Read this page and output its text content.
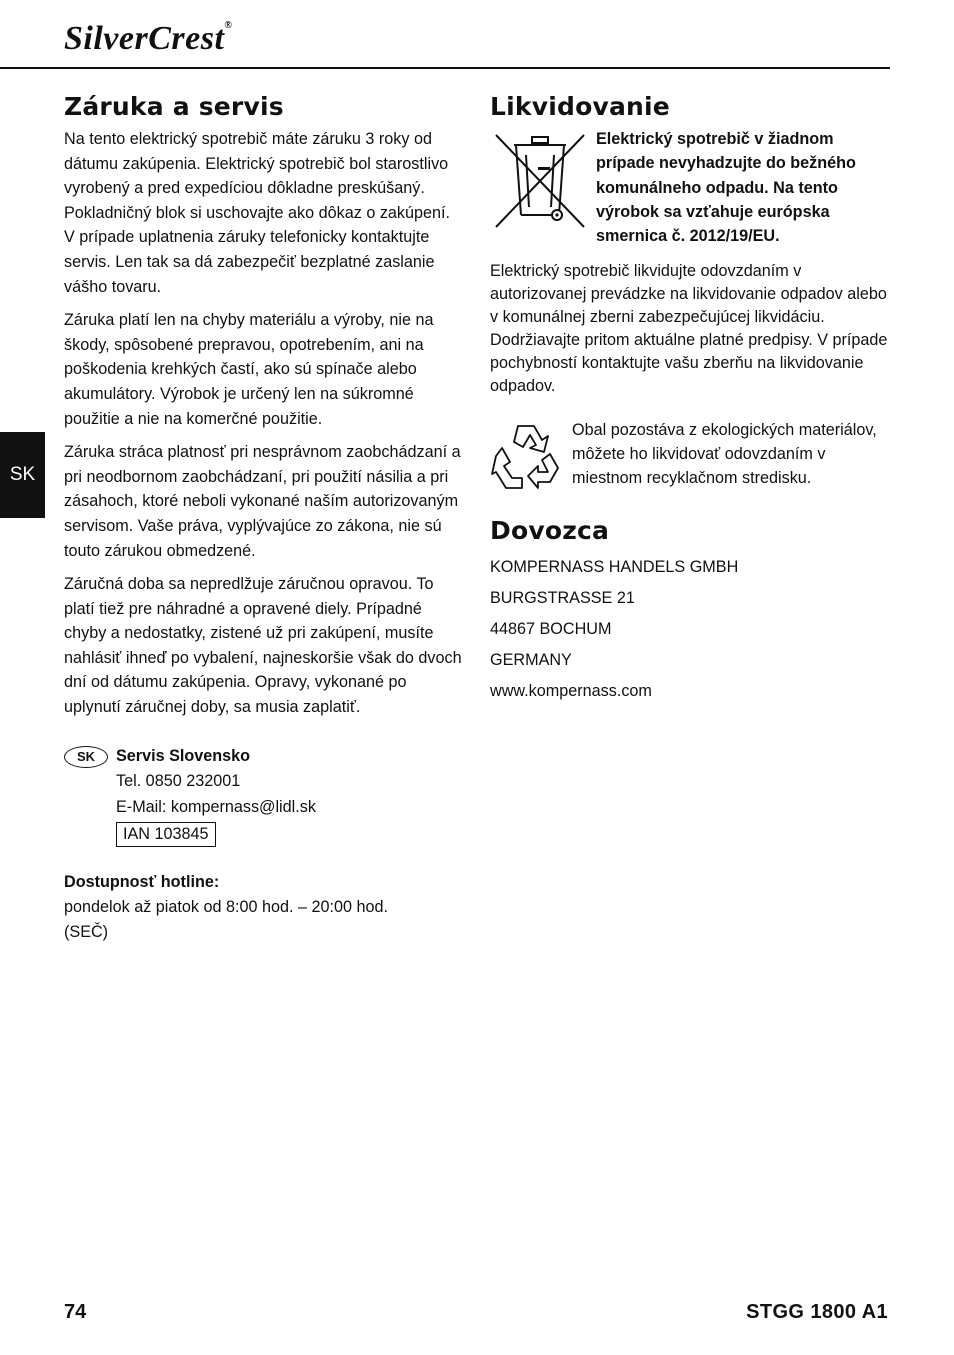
SilverCrest®
SK
Záruka a servis

Na tento elektrický spotrebič máte záruku 3 roky od dátumu zakúpenia. Elektrický spotrebič bol starostlivo vyrobený a pred expedíciou dôkladne preskúšaný. Pokladničný blok si uschovajte ako dôkaz o zakúpení. V prípade uplatnenia záruky telefonicky kontaktujte servis. Len tak sa dá zabezpečiť bezplatné zaslanie vášho tovaru.

Záruka platí len na chyby materiálu a výroby, nie na škody, spôsobené prepravou, opotrebením, ani na poškodenia krehkých častí, ako sú spínače alebo akumulátory. Výrobok je určený len na súkromné použitie a nie na komerčné použitie.

Záruka stráca platnosť pri nesprávnom zaobchádzaní a pri neodbornom zaobchádzaní, pri použití násilia a pri zásahoch, ktoré neboli vykonané naším autorizovaným servisom. Vaše práva, vyplývajúce zo zákona, nie sú touto zárukou obmedzené.

Záručná doba sa nepredlžuje záručnou opravou. To platí tiež pre náhradné a opravené diely. Prípadné chyby a nedostatky, zistené už pri zakúpení, musíte nahlásiť ihneď po vybalení, najneskoršie však do dvoch dní od dátumu zakúpenia. Opravy, vykonané po uplynutí záručnej doby, sa musia zaplatiť.

SK	Servis Slovensko
Tel. 0850 232001
E-Mail: kompernass@lidl.sk
IAN 103845
Dostupnosť hotline:
pondelok až piatok od 8:00 hod. – 20:00 hod.
(SEČ)
Likvidovanie
Elektrický spotrebič v žiadnom prípade nevyhadzujte do bežného komunálneho odpadu. Na tento výrobok sa vzťahuje európska smernica č. 2012/19/EU.
Elektrický spotrebič likvidujte odovzdaním v autorizovanej prevádzke na likvidovanie odpadov alebo v komunálnej zberni zabezpečujúcej likvidáciu. Dodržiavajte pritom aktuálne platné predpisy. V prípade pochybností kontaktujte vašu zberňu na likvidovanie odpadov.
Obal pozostáva z ekologických materiálov, môžete ho likvidovať odovzdaním v miestnom recyklačnom stredisku.
Dovozca
KOMPERNASS HANDELS GMBH
BURGSTRASSE 21
44867 BOCHUM
GERMANY
www.kompernass.com
74	STGG 1800 A1
